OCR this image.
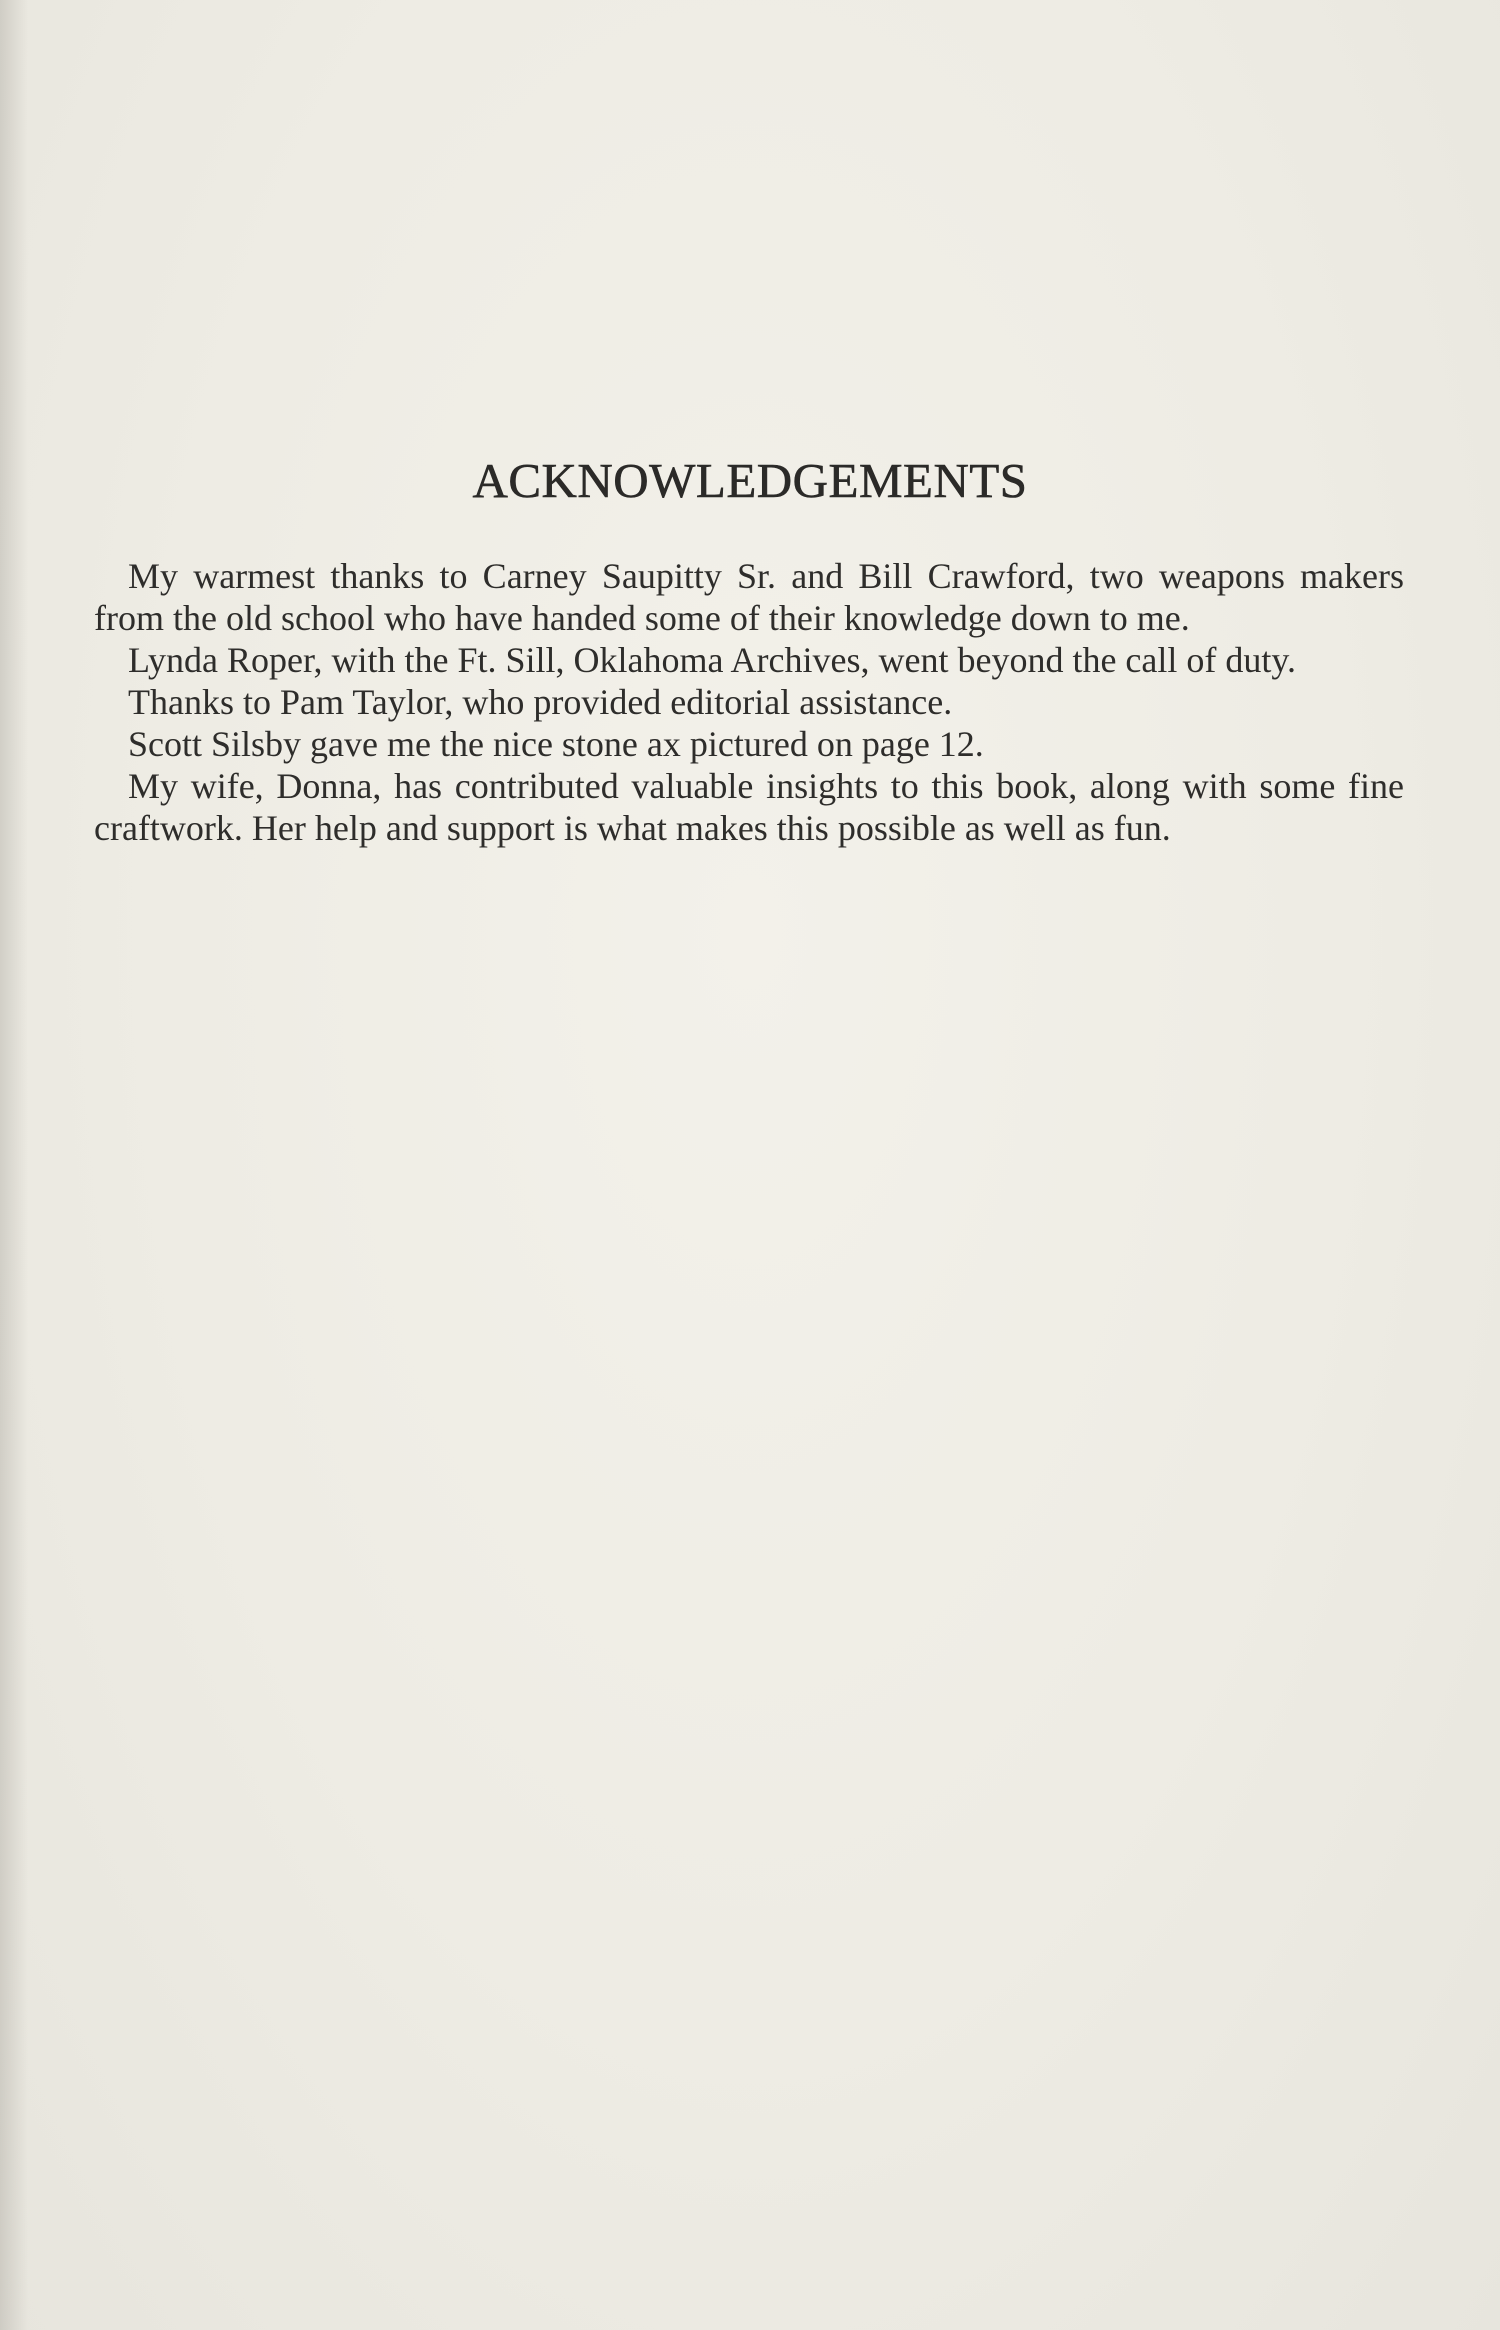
ACKNOWLEDGEMENTS

My warmest thanks to Carney Saupitty Sr. and Bill Crawford, two weapons makers from the old school who have handed some of their knowledge down to me.

Lynda Roper, with the Ft. Sill, Oklahoma Archives, went beyond the call of duty.

Thanks to Pam Taylor, who provided editorial assistance.

Scott Silsby gave me the nice stone ax pictured on page 12.

My wife, Donna, has contributed valuable insights to this book, along with some fine craftwork. Her help and support is what makes this possible as well as fun.
